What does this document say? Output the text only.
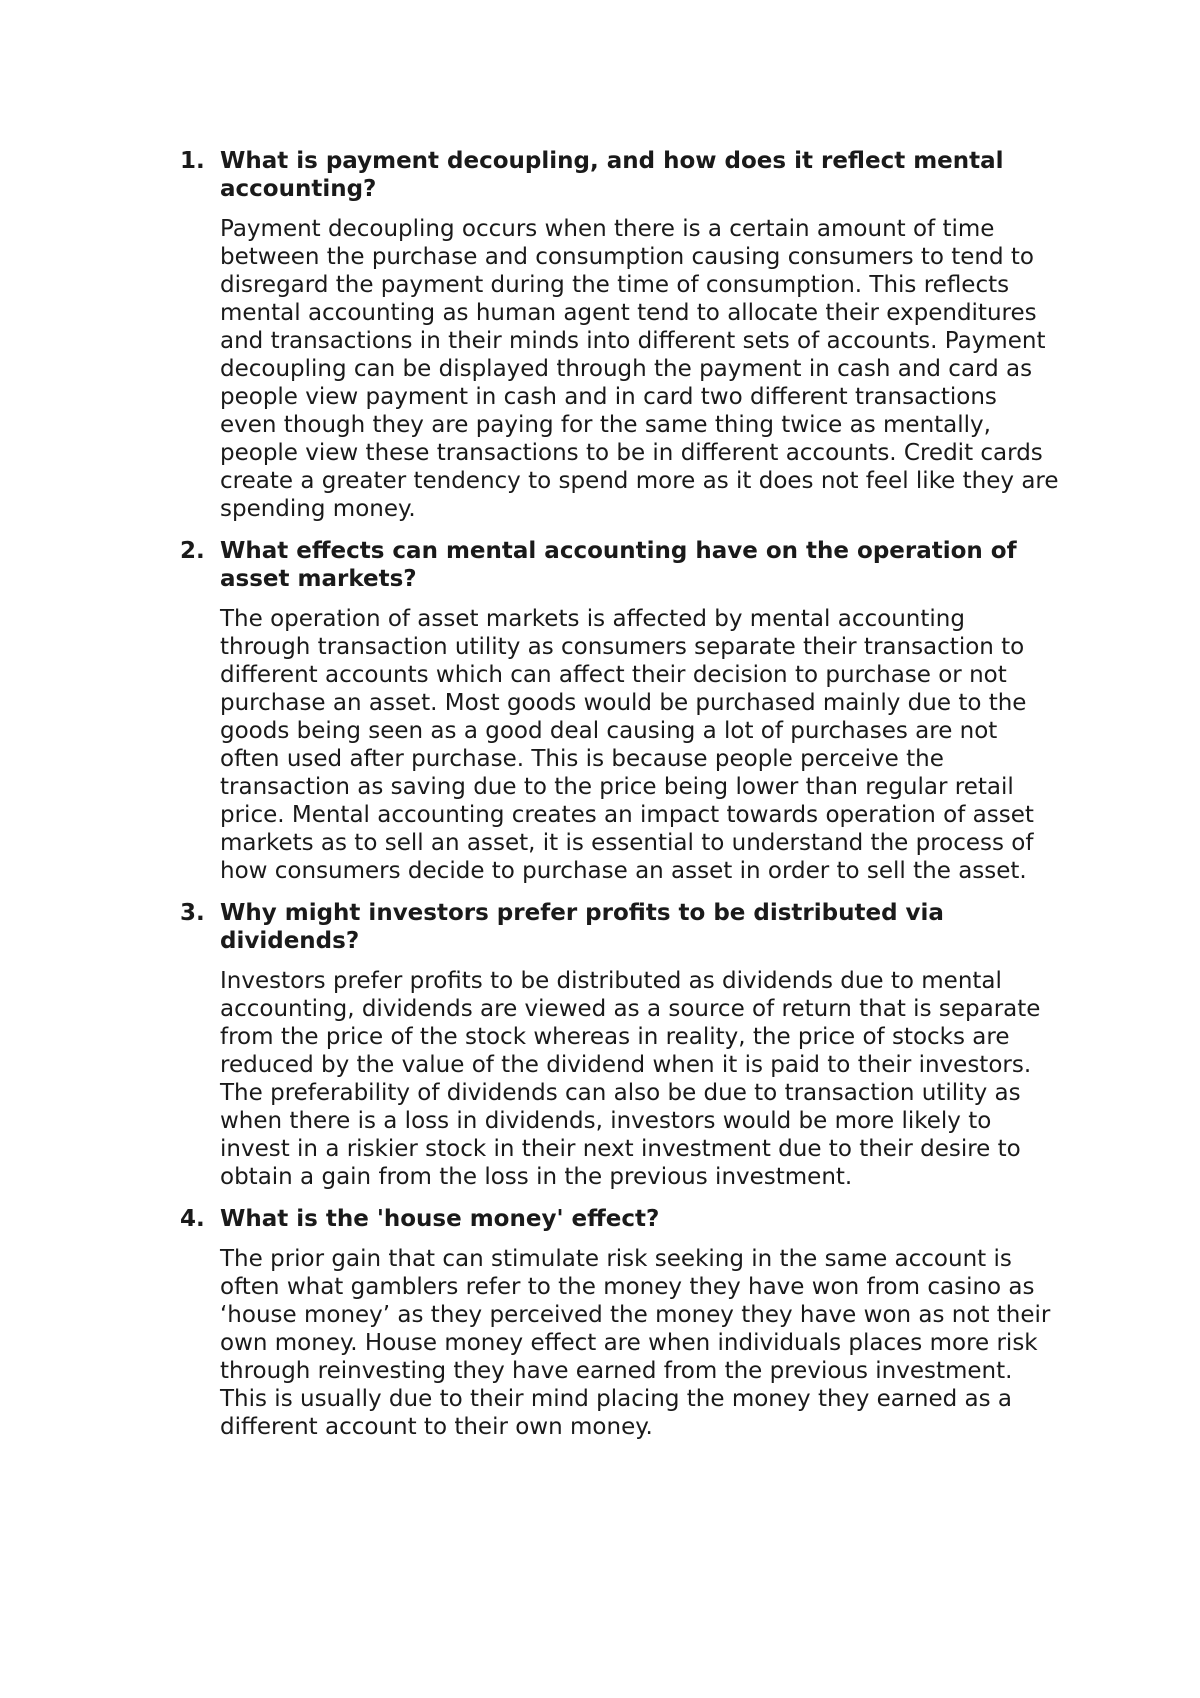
1. What is payment decoupling, and how does it reflect mental accounting?

Payment decoupling occurs when there is a certain amount of time between the purchase and consumption causing consumers to tend to disregard the payment during the time of consumption. This reflects mental accounting as human agent tend to allocate their expenditures and transactions in their minds into different sets of accounts. Payment decoupling can be displayed through the payment in cash and card as people view payment in cash and in card two different transactions even though they are paying for the same thing twice as mentally, people view these transactions to be in different accounts. Credit cards create a greater tendency to spend more as it does not feel like they are spending money.

2. What effects can mental accounting have on the operation of asset markets?

The operation of asset markets is affected by mental accounting through transaction utility as consumers separate their transaction to different accounts which can affect their decision to purchase or not purchase an asset. Most goods would be purchased mainly due to the goods being seen as a good deal causing a lot of purchases are not often used after purchase. This is because people perceive the transaction as saving due to the price being lower than regular retail price. Mental accounting creates an impact towards operation of asset markets as to sell an asset, it is essential to understand the process of how consumers decide to purchase an asset in order to sell the asset.

3. Why might investors prefer profits to be distributed via dividends?

Investors prefer profits to be distributed as dividends due to mental accounting, dividends are viewed as a source of return that is separate from the price of the stock whereas in reality, the price of stocks are reduced by the value of the dividend when it is paid to their investors. The preferability of dividends can also be due to transaction utility as when there is a loss in dividends, investors would be more likely to invest in a riskier stock in their next investment due to their desire to obtain a gain from the loss in the previous investment.

4. What is the 'house money' effect?

The prior gain that can stimulate risk seeking in the same account is often what gamblers refer to the money they have won from casino as ‘house money’ as they perceived the money they have won as not their own money. House money effect are when individuals places more risk through reinvesting they have earned from the previous investment. This is usually due to their mind placing the money they earned as a different account to their own money.
